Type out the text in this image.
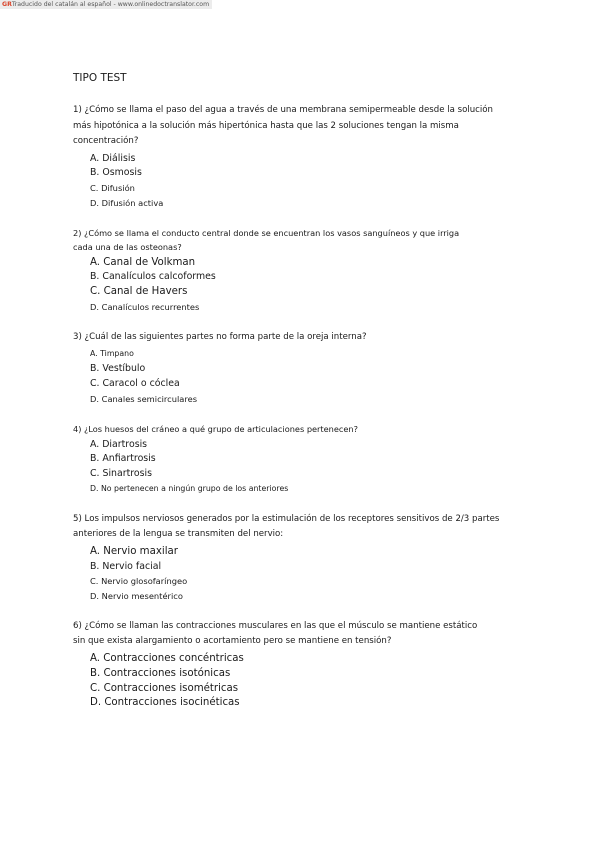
GRTraducido del catalán al español - www.onlinedoctranslator.com
TIPO TEST
1) ¿Cómo se llama el paso del agua a través de una membrana semipermeable desde la solución
más hipotónica a la solución más hipertónica hasta que las 2 soluciones tengan la misma
concentración?
A. Diálisis
B. Osmosis
C. Difusión
D. Difusión activa
2) ¿Cómo se llama el conducto central donde se encuentran los vasos sanguíneos y que irriga
cada una de las osteonas?
A. Canal de Volkman
B. Canalículos calcoformes
C. Canal de Havers
D. Canalículos recurrentes
3) ¿Cuál de las siguientes partes no forma parte de la oreja interna?
A. Timpano
B. Vestíbulo
C. Caracol o cóclea
D. Canales semicirculares
4) ¿Los huesos del cráneo a qué grupo de articulaciones pertenecen?
A. Diartrosis
B. Anfiartrosis
C. Sinartrosis
D. No pertenecen a ningún grupo de los anteriores
5) Los impulsos nerviosos generados por la estimulación de los receptores sensitivos de 2/3 partes
anteriores de la lengua se transmiten del nervio:
A. Nervio maxilar
B. Nervio facial
C. Nervio glosofaríngeo
D. Nervio mesentérico
6) ¿Cómo se llaman las contracciones musculares en las que el músculo se mantiene estático
sin que exista alargamiento o acortamiento pero se mantiene en tensión?
A. Contracciones concéntricas
B. Contracciones isotónicas
C. Contracciones isométricas
D. Contracciones isocinéticas
